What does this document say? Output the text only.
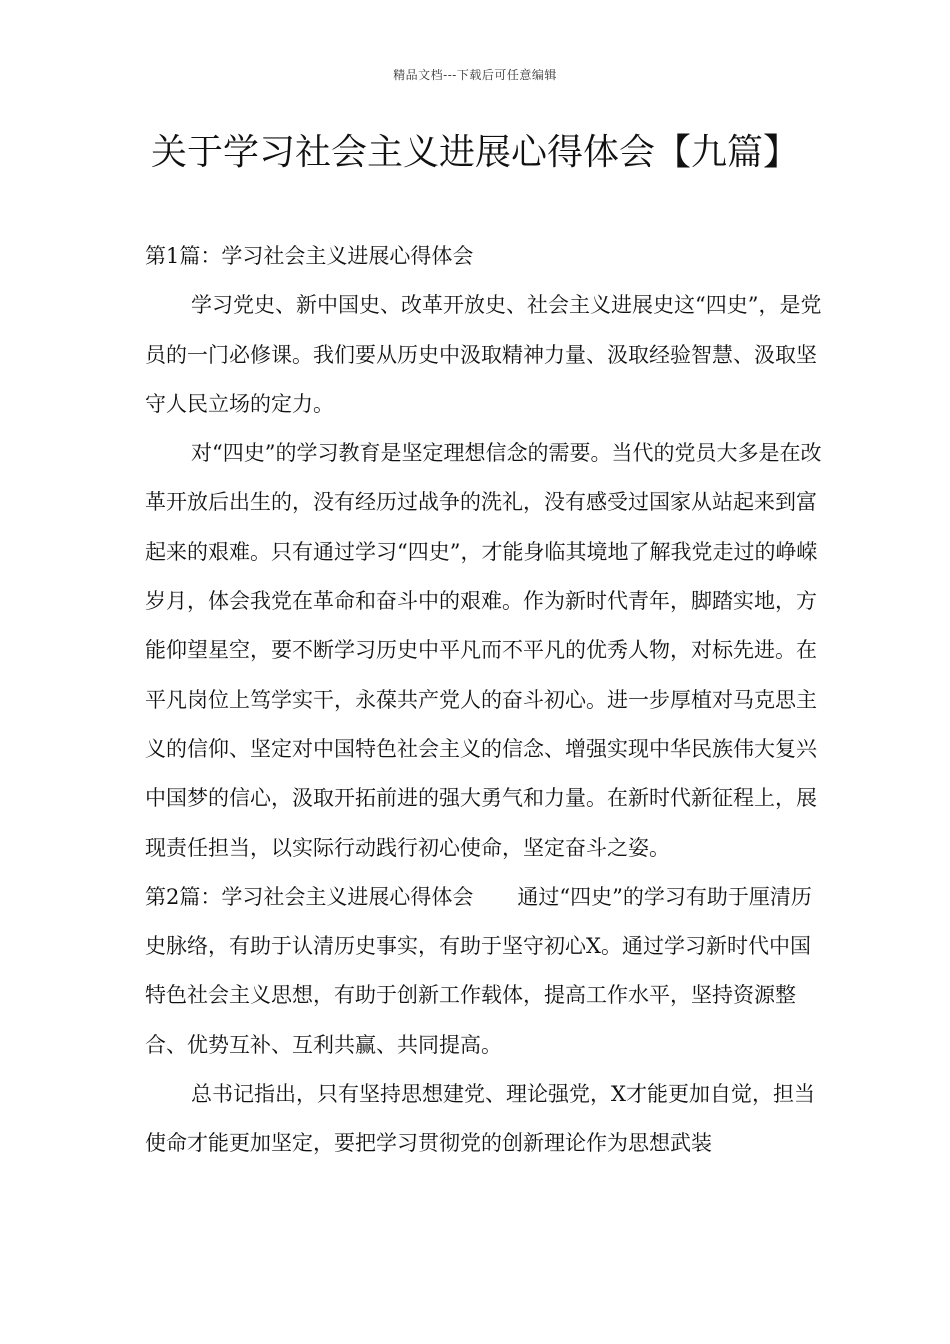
精品文档---下载后可任意编辑
关于学习社会主义进展心得体会【九篇】

第1篇：学习社会主义进展心得体会

学习党史、新中国史、改革开放史、社会主义进展史这“四史”，是党员的一门必修课。我们要从历史中汲取精神力量、汲取经验智慧、汲取坚守人民立场的定力。

对“四史”的学习教育是坚定理想信念的需要。当代的党员大多是在改革开放后出生的，没有经历过战争的洗礼，没有感受过国家从站起来到富起来的艰难。只有通过学习“四史”，才能身临其境地了解我党走过的峥嵘岁月，体会我党在革命和奋斗中的艰难。作为新时代青年，脚踏实地，方能仰望星空，要不断学习历史中平凡而不平凡的优秀人物，对标先进。在平凡岗位上笃学实干，永葆共产党人的奋斗初心。进一步厚植对马克思主义的信仰、坚定对中国特色社会主义的信念、增强实现中华民族伟大复兴中国梦的信心，汲取开拓前进的强大勇气和力量。在新时代新征程上，展现责任担当，以实际行动践行初心使命，坚定奋斗之姿。

第2篇：学习社会主义进展心得体会 通过“四史”的学习有助于厘清历史脉络，有助于认清历史事实，有助于坚守初心X。通过学习新时代中国特色社会主义思想，有助于创新工作载体，提高工作水平，坚持资源整合、优势互补、互利共赢、共同提高。

总书记指出，只有坚持思想建党、理论强党，X才能更加自觉，担当使命才能更加坚定，要把学习贯彻党的创新理论作为思想武装
